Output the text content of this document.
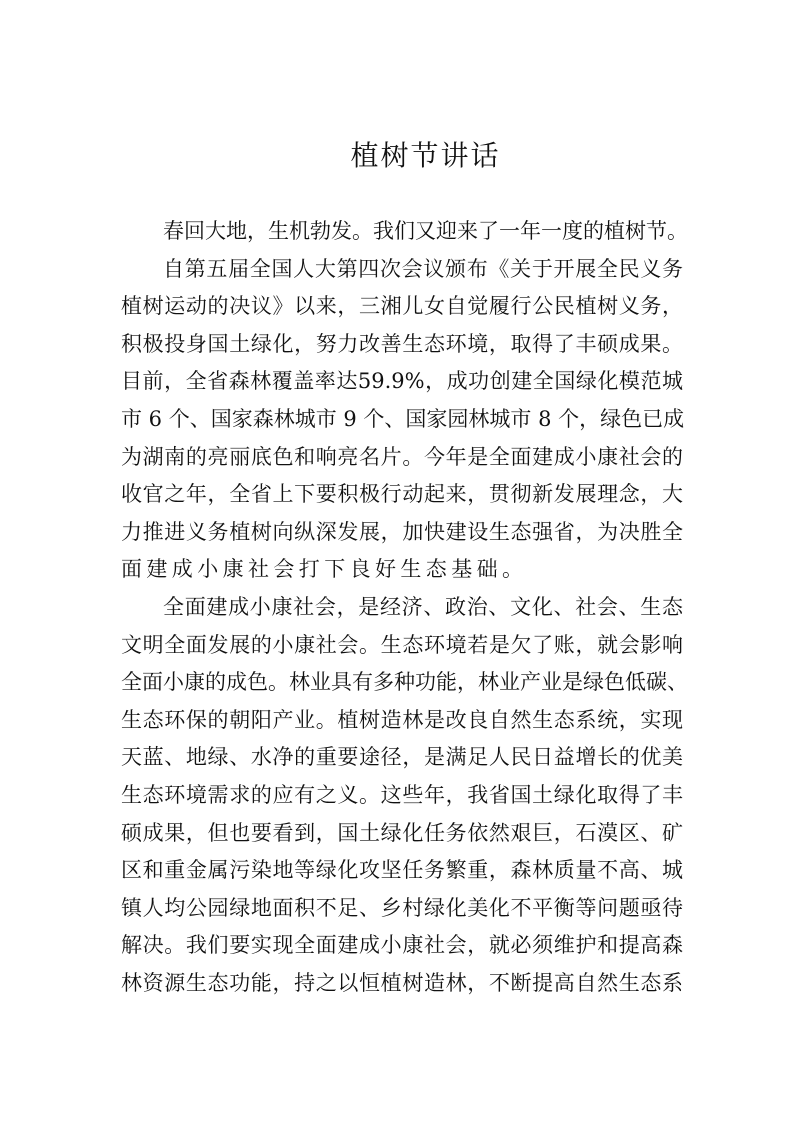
植树节讲话
春回大地，生机勃发。我们又迎来了一年一度的植树节。
自第五届全国人大第四次会议颁布《关于开展全民义务
植树运动的决议》以来，三湘儿女自觉履行公民植树义务，
积极投身国土绿化，努力改善生态环境，取得了丰硕成果。
目前，全省森林覆盖率达59.9%，成功创建全国绿化模范城
市 6 个、国家森林城市 9 个、国家园林城市 8 个，绿色已成
为湖南的亮丽底色和响亮名片。今年是全面建成小康社会的
收官之年，全省上下要积极行动起来，贯彻新发展理念，大
力推进义务植树向纵深发展，加快建设生态强省，为决胜全
面建成小康社会打下良好生态基础。
全面建成小康社会，是经济、政治、文化、社会、生态
文明全面发展的小康社会。生态环境若是欠了账，就会影响
全面小康的成色。林业具有多种功能，林业产业是绿色低碳、
生态环保的朝阳产业。植树造林是改良自然生态系统，实现
天蓝、地绿、水净的重要途径，是满足人民日益增长的优美
生态环境需求的应有之义。这些年，我省国土绿化取得了丰
硕成果，但也要看到，国土绿化任务依然艰巨，石漠区、矿
区和重金属污染地等绿化攻坚任务繁重，森林质量不高、城
镇人均公园绿地面积不足、乡村绿化美化不平衡等问题亟待
解决。我们要实现全面建成小康社会，就必须维护和提高森
林资源生态功能，持之以恒植树造林，不断提高自然生态系
